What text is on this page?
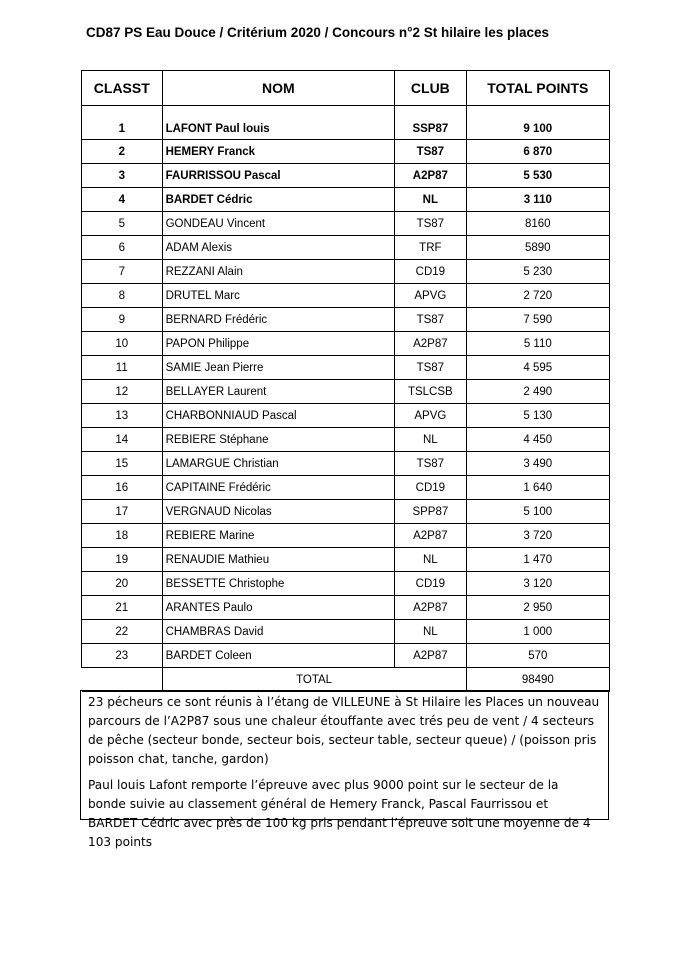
CD87 PS Eau Douce / Critérium 2020 / Concours n°2 St hilaire les places
CLASST	NOM	CLUB	TOTAL POINTS
1	LAFONT Paul louis	SSP87	9 100
2	HEMERY Franck	TS87	6 870
3	FAURRISSOU Pascal	A2P87	5 530
4	BARDET Cédric	NL	3 110
5	GONDEAU Vincent	TS87	8160
6	ADAM Alexis	TRF	5890
7	REZZANI Alain	CD19	5 230
8	DRUTEL Marc	APVG	2 720
9	BERNARD Frédéric	TS87	7 590
10	PAPON Philippe	A2P87	5 110
11	SAMIE Jean Pierre	TS87	4 595
12	BELLAYER Laurent	TSLCSB	2 490
13	CHARBONNIAUD Pascal	APVG	5 130
14	REBIERE Stéphane	NL	4 450
15	LAMARGUE Christian	TS87	3 490
16	CAPITAINE Frédéric	CD19	1 640
17	VERGNAUD Nicolas	SPP87	5 100
18	REBIERE Marine	A2P87	3 720
19	RENAUDIE Mathieu	NL	1 470
20	BESSETTE Christophe	CD19	3 120
21	ARANTES Paulo	A2P87	2 950
22	CHAMBRAS David	NL	1 000
23	BARDET Coleen	A2P87	570
	TOTAL		98490

23 pécheurs ce sont réunis à l’étang de VILLEUNE à St Hilaire les Places un nouveau parcours de l’A2P87 sous une chaleur étouffante avec trés peu de vent / 4 secteurs de pêche (secteur bonde, secteur bois, secteur table, secteur queue) / (poisson pris poisson chat, tanche, gardon)

Paul louis Lafont remporte l’épreuve avec plus 9000 point sur le secteur de la bonde suivie au classement général de Hemery Franck, Pascal Faurrissou et BARDET Cédric avec près de 100 kg pris pendant l’épreuve soit une moyenne de 4 103 points
